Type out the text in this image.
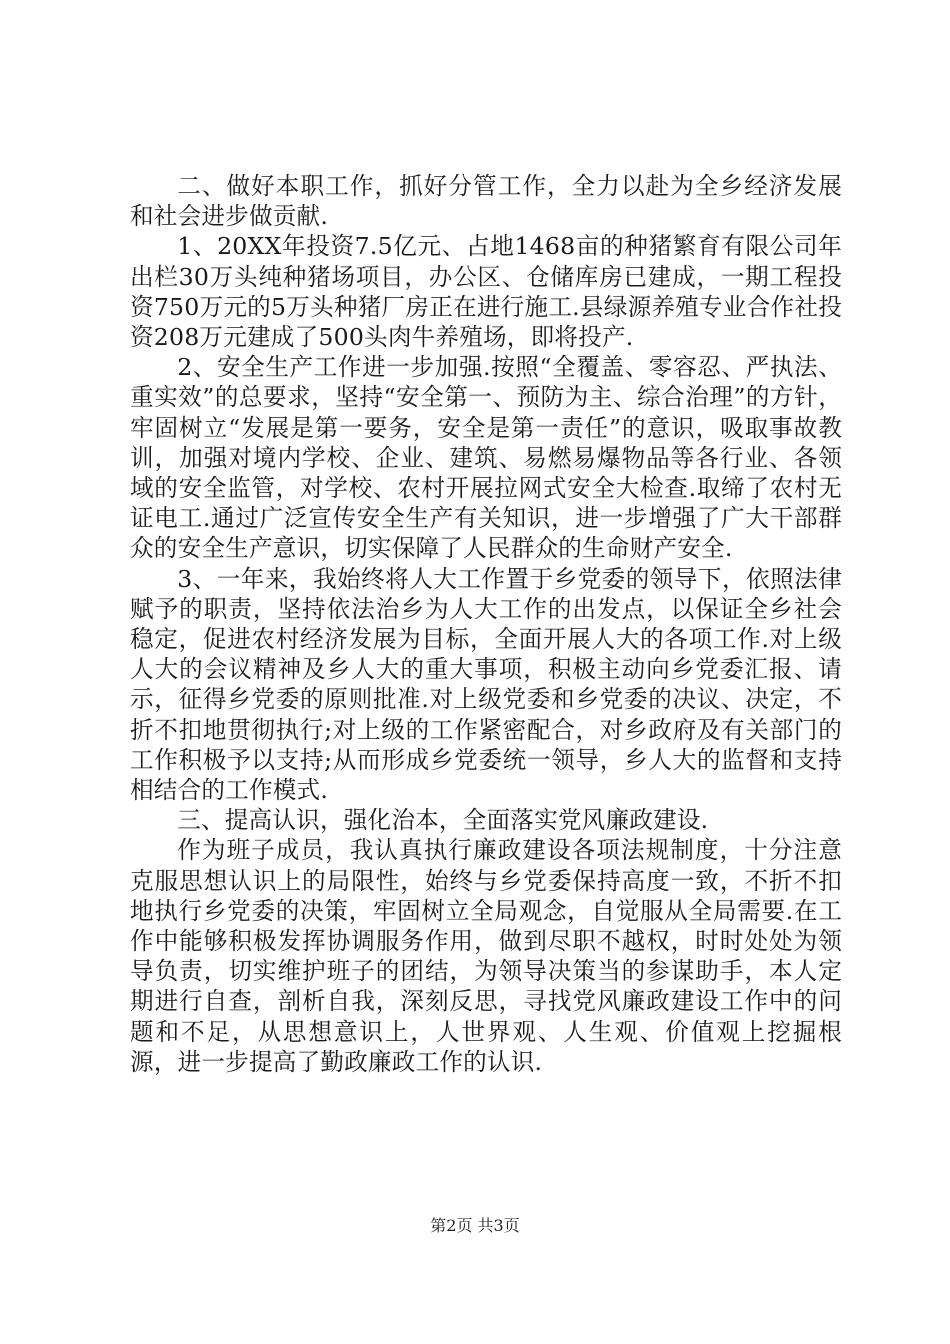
二、做好本职工作，抓好分管工作，全力以赴为全乡经济发展和社会进步做贡献.

1、20XX年投资7.5亿元、占地1468亩的种猪繁育有限公司年出栏30万头纯种猪场项目，办公区、仓储库房已建成，一期工程投资750万元的5万头种猪厂房正在进行施工.县绿源养殖专业合作社投资208万元建成了500头肉牛养殖场，即将投产.

2、安全生产工作进一步加强.按照“全覆盖、零容忍、严执法、重实效”的总要求，坚持“安全第一、预防为主、综合治理”的方针，牢固树立“发展是第一要务，安全是第一责任”的意识，吸取事故教训，加强对境内学校、企业、建筑、易燃易爆物品等各行业、各领域的安全监管，对学校、农村开展拉网式安全大检查.取缔了农村无证电工.通过广泛宣传安全生产有关知识，进一步增强了广大干部群众的安全生产意识，切实保障了人民群众的生命财产安全.

3、一年来，我始终将人大工作置于乡党委的领导下，依照法律赋予的职责，坚持依法治乡为人大工作的出发点，以保证全乡社会稳定，促进农村经济发展为目标，全面开展人大的各项工作.对上级人大的会议精神及乡人大的重大事项，积极主动向乡党委汇报、请示，征得乡党委的原则批准.对上级党委和乡党委的决议、决定，不折不扣地贯彻执行;对上级的工作紧密配合，对乡政府及有关部门的工作积极予以支持;从而形成乡党委统一领导，乡人大的监督和支持相结合的工作模式.

三、提高认识，强化治本，全面落实党风廉政建设.

作为班子成员，我认真执行廉政建设各项法规制度，十分注意克服思想认识上的局限性，始终与乡党委保持高度一致，不折不扣地执行乡党委的决策，牢固树立全局观念，自觉服从全局需要.在工作中能够积极发挥协调服务作用，做到尽职不越权，时时处处为领导负责，切实维护班子的团结，为领导决策当的参谋助手，本人定期进行自查，剖析自我，深刻反思，寻找党风廉政建设工作中的问题和不足，从思想意识上，人世界观、人生观、价值观上挖掘根源，进一步提高了勤政廉政工作的认识.

第2页 共3页
